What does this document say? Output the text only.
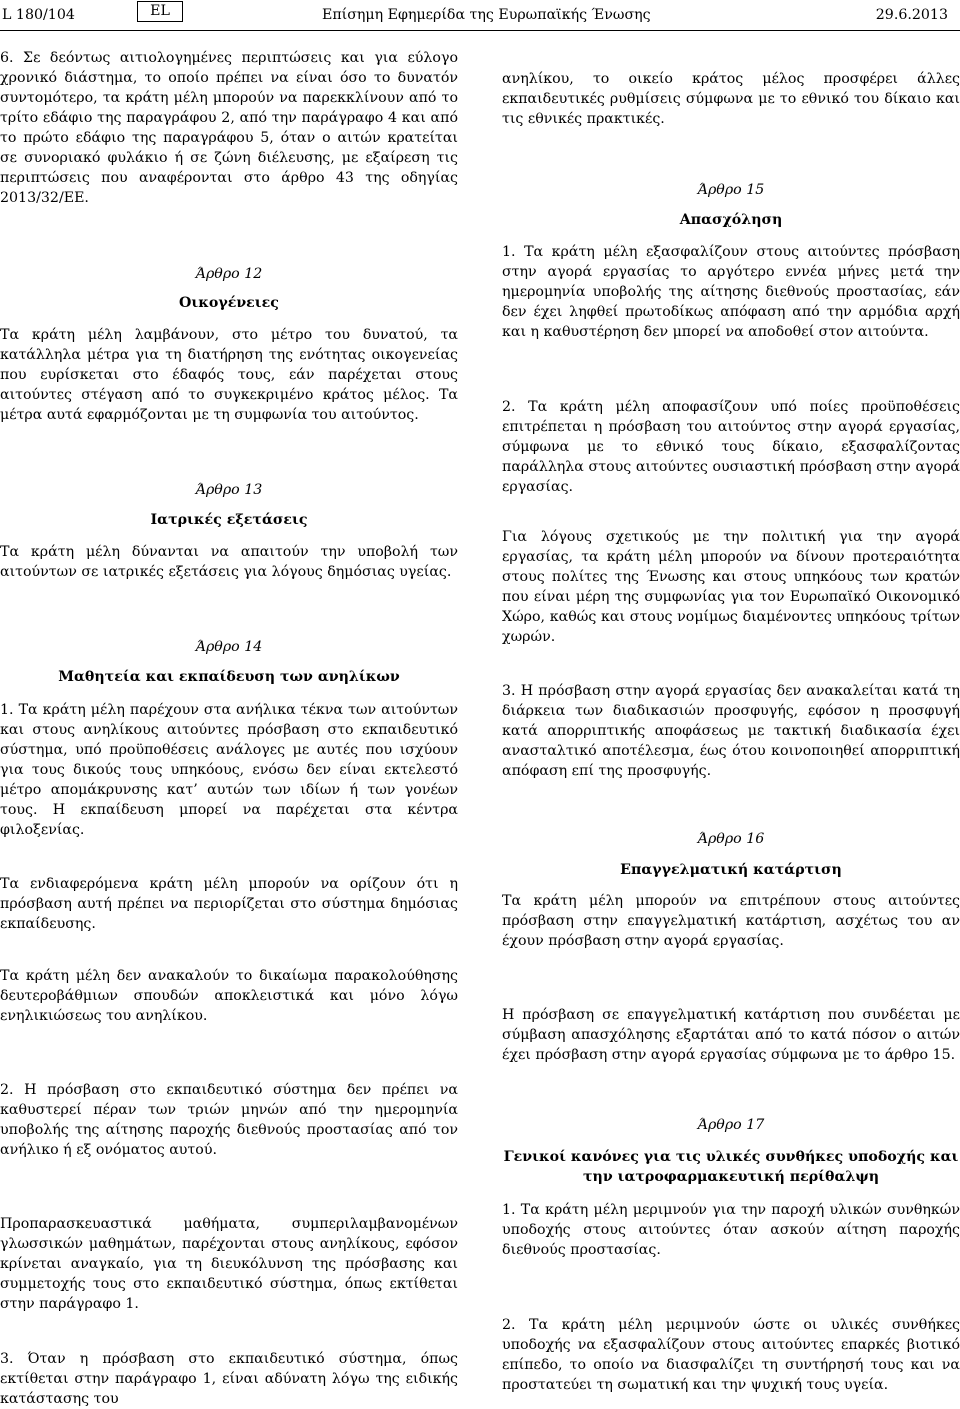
L 180/104	EL	Επίσημη Εφημερίδα της Ευρωπαϊκής Ένωσης	29.6.2013

6. Σε δεόντως αιτιολογημένες περιπτώσεις και για εύλογο χρονικό διάστημα, το οποίο πρέπει να είναι όσο το δυνατόν συντομότερο, τα κράτη μέλη μπορούν να παρεκκλίνουν από το τρίτο εδάφιο της παραγράφου 2, από την παράγραφο 4 και από το πρώτο εδάφιο της παραγράφου 5, όταν ο αιτών κρατείται σε συνοριακό φυλάκιο ή σε ζώνη διέλευσης, με εξαίρεση τις περιπτώσεις που αναφέρονται στο άρθρο 43 της οδηγίας 2013/32/ΕΕ.

Άρθρο 12

Οικογένειες

Τα κράτη μέλη λαμβάνουν, στο μέτρο του δυνατού, τα κατάλληλα μέτρα για τη διατήρηση της ενότητας οικογενείας που ευρίσκεται στο έδαφός τους, εάν παρέχεται στους αιτούντες στέγαση από το συγκεκριμένο κράτος μέλος. Τα μέτρα αυτά εφαρμόζονται με τη συμφωνία του αιτούντος.

Άρθρο 13

Ιατρικές εξετάσεις

Τα κράτη μέλη δύνανται να απαιτούν την υποβολή των αιτούντων σε ιατρικές εξετάσεις για λόγους δημόσιας υγείας.

Άρθρο 14

Μαθητεία και εκπαίδευση των ανηλίκων

1. Τα κράτη μέλη παρέχουν στα ανήλικα τέκνα των αιτούντων και στους ανηλίκους αιτούντες πρόσβαση στο εκπαιδευτικό σύστημα, υπό προϋποθέσεις ανάλογες με αυτές που ισχύουν για τους δικούς τους υπηκόους, ενόσω δεν είναι εκτελεστό μέτρο απομάκρυνσης κατ’ αυτών των ιδίων ή των γονέων τους. Η εκπαίδευση μπορεί να παρέχεται στα κέντρα φιλοξενίας.

Τα ενδιαφερόμενα κράτη μέλη μπορούν να ορίζουν ότι η πρόσβαση αυτή πρέπει να περιορίζεται στο σύστημα δημόσιας εκπαίδευσης.

Τα κράτη μέλη δεν ανακαλούν το δικαίωμα παρακολούθησης δευτεροβάθμιων σπουδών αποκλειστικά και μόνο λόγω ενηλικιώσεως του ανηλίκου.

2. Η πρόσβαση στο εκπαιδευτικό σύστημα δεν πρέπει να καθυστερεί πέραν των τριών μηνών από την ημερομηνία υποβολής της αίτησης παροχής διεθνούς προστασίας από τον ανήλικο ή εξ ονόματος αυτού.

Προπαρασκευαστικά μαθήματα, συμπεριλαμβανομένων γλωσσικών μαθημάτων, παρέχονται στους ανηλίκους, εφόσον κρίνεται αναγκαίο, για τη διευκόλυνση της πρόσβασης και συμμετοχής τους στο εκπαιδευτικό σύστημα, όπως εκτίθεται στην παράγραφο 1.

3. Όταν η πρόσβαση στο εκπαιδευτικό σύστημα, όπως εκτίθεται στην παράγραφο 1, είναι αδύνατη λόγω της ειδικής κατάστασης του

ανηλίκου, το οικείο κράτος μέλος προσφέρει άλλες εκπαιδευτικές ρυθμίσεις σύμφωνα με το εθνικό του δίκαιο και τις εθνικές πρακτικές.

Άρθρο 15

Απασχόληση

1. Τα κράτη μέλη εξασφαλίζουν στους αιτούντες πρόσβαση στην αγορά εργασίας το αργότερο εννέα μήνες μετά την ημερομηνία υποβολής της αίτησης διεθνούς προστασίας, εάν δεν έχει ληφθεί πρωτοδίκως απόφαση από την αρμόδια αρχή και η καθυστέρηση δεν μπορεί να αποδοθεί στον αιτούντα.

2. Τα κράτη μέλη αποφασίζουν υπό ποίες προϋποθέσεις επιτρέπεται η πρόσβαση του αιτούντος στην αγορά εργασίας, σύμφωνα με το εθνικό τους δίκαιο, εξασφαλίζοντας παράλληλα στους αιτούντες ουσιαστική πρόσβαση στην αγορά εργασίας.

Για λόγους σχετικούς με την πολιτική για την αγορά εργασίας, τα κράτη μέλη μπορούν να δίνουν προτεραιότητα στους πολίτες της Ένωσης και στους υπηκόους των κρατών που είναι μέρη της συμφωνίας για τον Ευρωπαϊκό Οικονομικό Χώρο, καθώς και στους νομίμως διαμένοντες υπηκόους τρίτων χωρών.

3. Η πρόσβαση στην αγορά εργασίας δεν ανακαλείται κατά τη διάρκεια των διαδικασιών προσφυγής, εφόσον η προσφυγή κατά απορριπτικής αποφάσεως με τακτική διαδικασία έχει ανασταλτικό αποτέλεσμα, έως ότου κοινοποιηθεί απορριπτική απόφαση επί της προσφυγής.

Άρθρο 16

Επαγγελματική κατάρτιση

Τα κράτη μέλη μπορούν να επιτρέπουν στους αιτούντες πρόσβαση στην επαγγελματική κατάρτιση, ασχέτως του αν έχουν πρόσβαση στην αγορά εργασίας.

Η πρόσβαση σε επαγγελματική κατάρτιση που συνδέεται με σύμβαση απασχόλησης εξαρτάται από το κατά πόσον ο αιτών έχει πρόσβαση στην αγορά εργασίας σύμφωνα με το άρθρο 15.

Άρθρο 17

Γενικοί κανόνες για τις υλικές συνθήκες υποδοχής και την ιατροφαρμακευτική περίθαλψη

1. Τα κράτη μέλη μεριμνούν για την παροχή υλικών συνθηκών υποδοχής στους αιτούντες όταν ασκούν αίτηση παροχής διεθνούς προστασίας.

2. Τα κράτη μέλη μεριμνούν ώστε οι υλικές συνθήκες υποδοχής να εξασφαλίζουν στους αιτούντες επαρκές βιοτικό επίπεδο, το οποίο να διασφαλίζει τη συντήρησή τους και να προστατεύει τη σωματική και την ψυχική τους υγεία.
